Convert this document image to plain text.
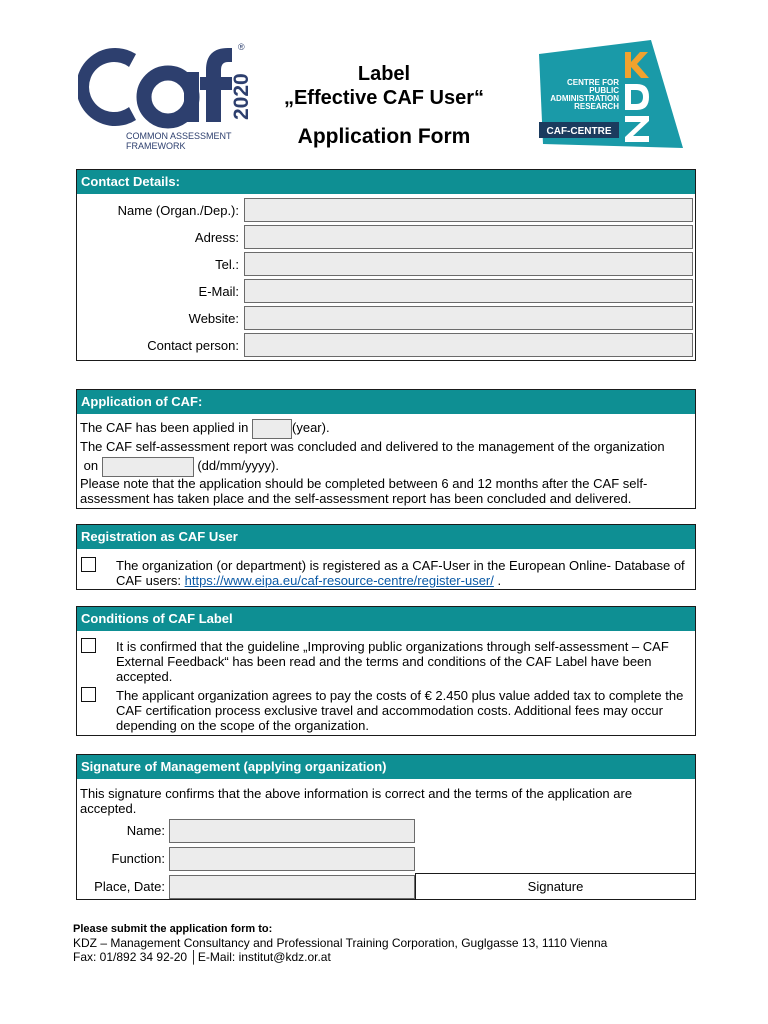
®
2020
COMMON ASSESSMENT
FRAMEWORK
Label
„Effective CAF User“
Application Form
CENTRE FOR
PUBLIC
ADMINISTRATION
RESEARCH
CAF-CENTRE
Contact Details:
Name (Organ./Dep.):
Adress:
Tel.:
E-Mail:
Website:
Contact person:
Application of CAF:
The CAF has been applied in	(year).
The CAF self-assessment report was concluded and delivered to the management of the organization
on	(dd/mm/yyyy).
Please note that the application should be completed between 6 and 12 months after the CAF self-assessment has taken place and the self-assessment report has been concluded and delivered.
Registration as CAF User
The organization (or department) is registered as a CAF-User in the European Online- Database of CAF users: https://www.eipa.eu/caf-resource-centre/register-user/ .
Conditions of CAF Label
It is confirmed that the guideline „Improving public organizations through self-assessment – CAF External Feedback“ has been read and the terms and conditions of the CAF Label have been accepted.
The applicant organization agrees to pay the costs of € 2.450 plus value added tax to complete the CAF certification process exclusive travel and accommodation costs. Additional fees may occur depending on the scope of the organization.
Signature of Management (applying organization)
This signature confirms that the above information is correct and the terms of the application are accepted.
Name:
Function:
Place, Date:	Signature
Please submit the application form to:
KDZ – Management Consultancy and Professional Training Corporation, Guglgasse 13, 1110 Vienna
Fax: 01/892 34 92-20 │E-Mail: institut@kdz.or.at
